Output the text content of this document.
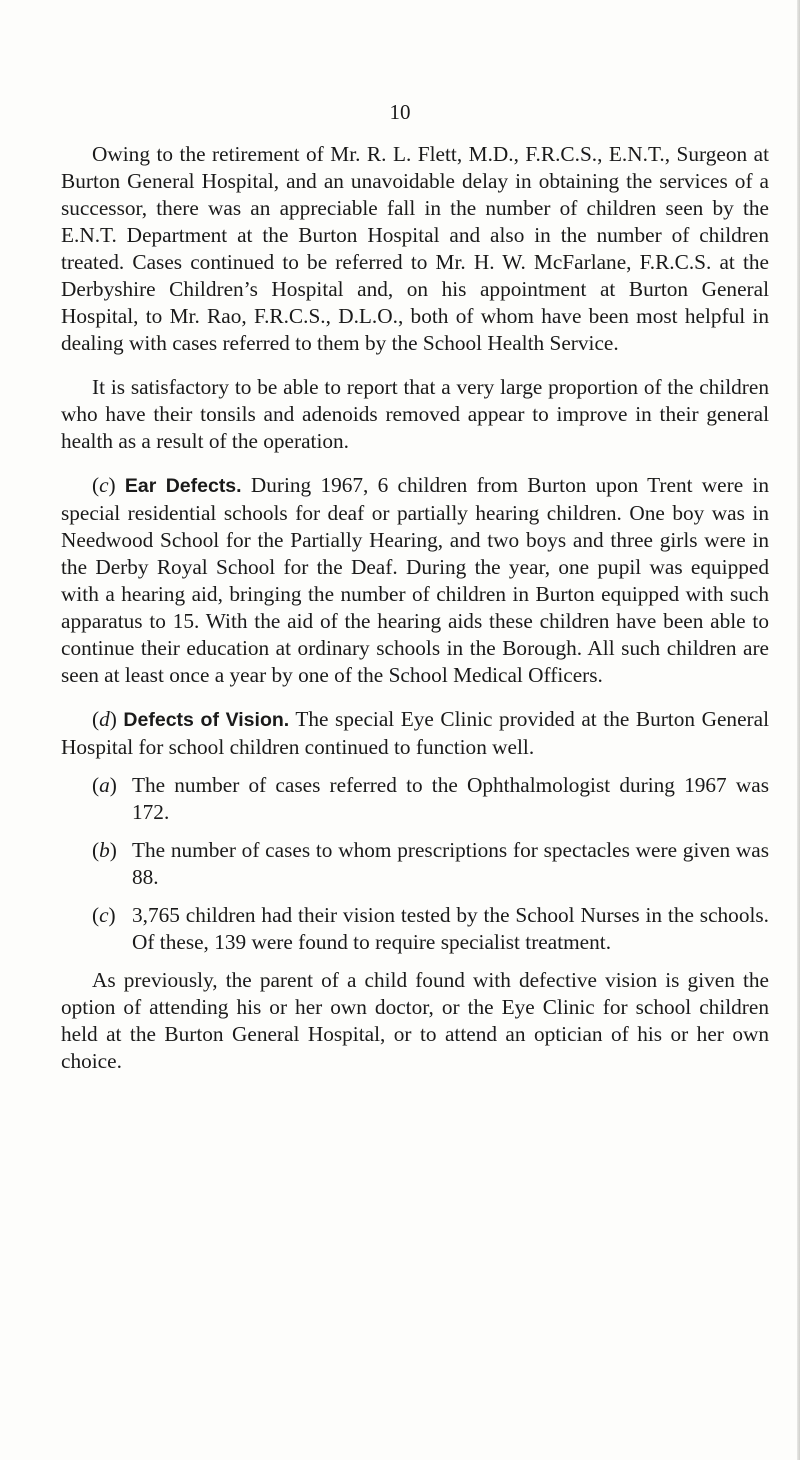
10

Owing to the retirement of Mr. R. L. Flett, M.D., F.R.C.S., E.N.T., Surgeon at Burton General Hospital, and an unavoidable delay in obtaining the services of a successor, there was an appreciable fall in the number of children seen by the E.N.T. Department at the Burton Hospital and also in the number of children treated. Cases continued to be referred to Mr. H. W. McFarlane, F.R.C.S. at the Derbyshire Children’s Hospital and, on his appointment at Burton General Hospital, to Mr. Rao, F.R.C.S., D.L.O., both of whom have been most helpful in dealing with cases referred to them by the School Health Service.

It is satisfactory to be able to report that a very large proportion of the children who have their tonsils and adenoids removed appear to improve in their general health as a result of the operation.

(c) Ear Defects. During 1967, 6 children from Burton upon Trent were in special residential schools for deaf or partially hearing children. One boy was in Needwood School for the Partially Hearing, and two boys and three girls were in the Derby Royal School for the Deaf. During the year, one pupil was equipped with a hearing aid, bringing the number of children in Burton equipped with such apparatus to 15. With the aid of the hearing aids these children have been able to continue their education at ordinary schools in the Borough. All such children are seen at least once a year by one of the School Medical Officers.

(d) Defects of Vision. The special Eye Clinic provided at the Burton General Hospital for school children continued to function well.

(a) The number of cases referred to the Ophthalmologist during 1967 was 172.
(b) The number of cases to whom prescriptions for spectacles were given was 88.
(c) 3,765 children had their vision tested by the School Nurses in the schools. Of these, 139 were found to require specialist treatment.

As previously, the parent of a child found with defective vision is given the option of attending his or her own doctor, or the Eye Clinic for school children held at the Burton General Hospital, or to attend an optician of his or her own choice.
